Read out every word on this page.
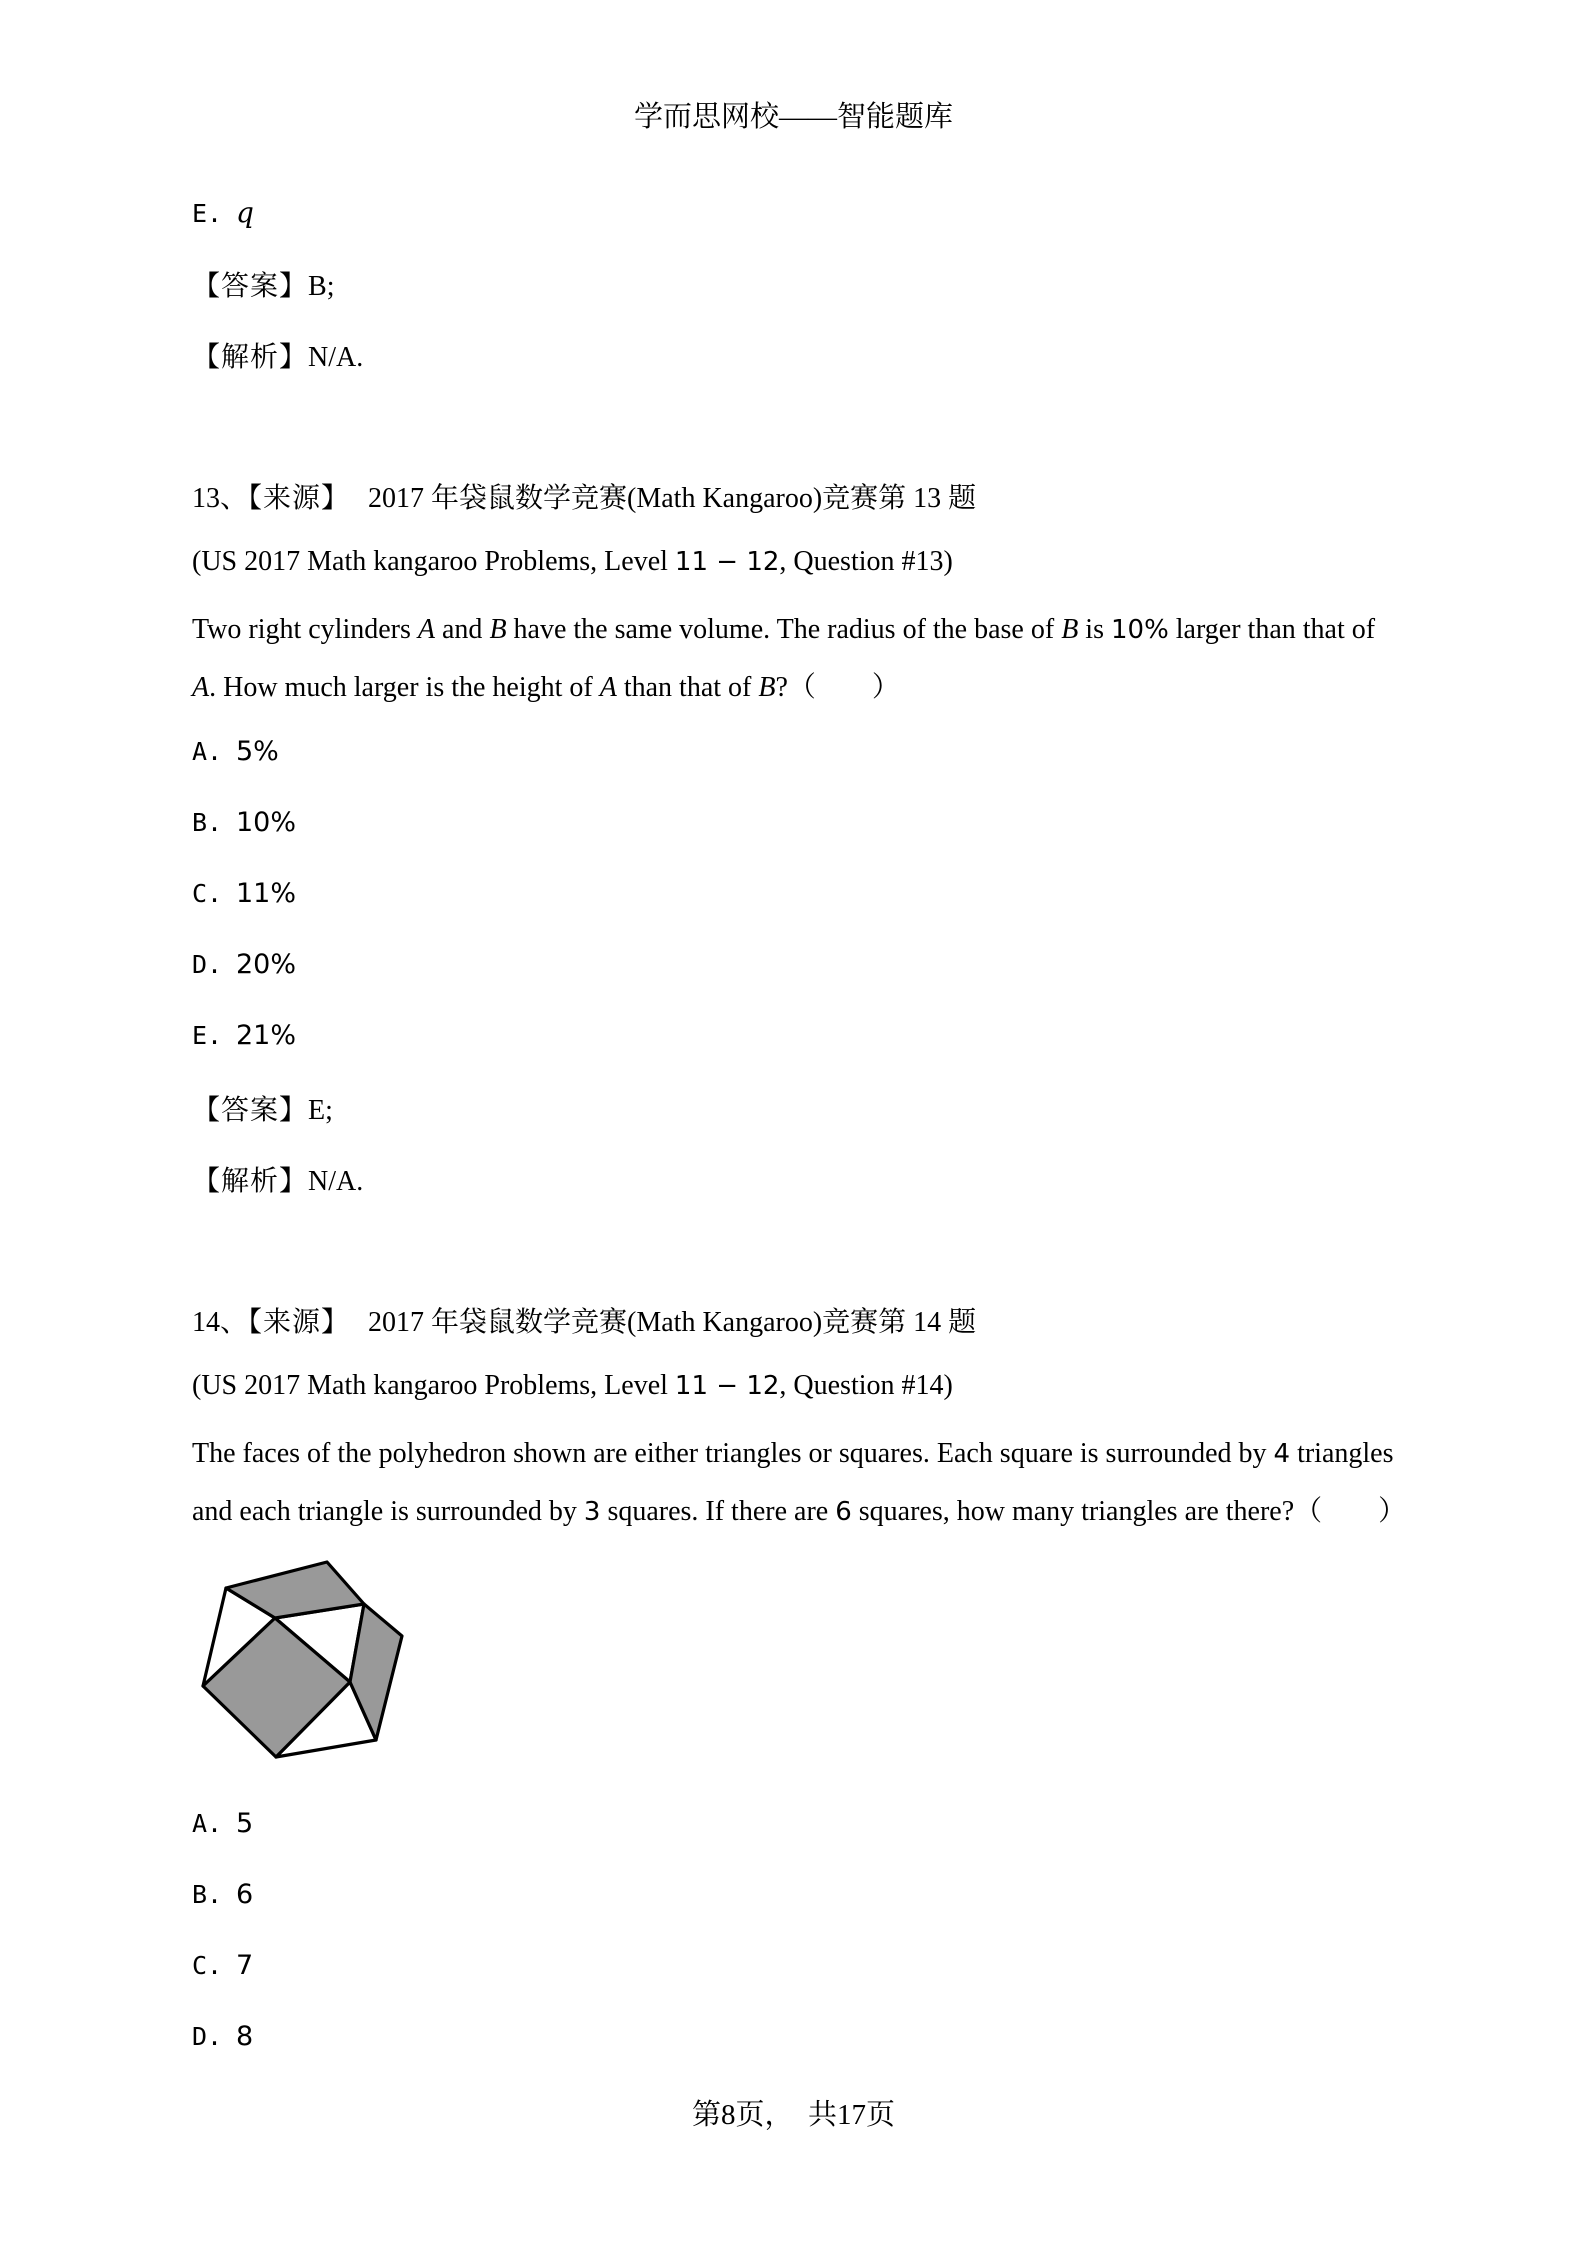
学而思网校——智能题库
E. q
【答案】B;
【解析】N/A.
13、【来源】 2017 年袋鼠数学竞赛(Math Kangaroo)竞赛第 13 题
(US 2017 Math kangaroo Problems, Level 11 − 12, Question #13)
Two right cylinders A and B have the same volume. The radius of the base of B is 10% larger than that of
A. How much larger is the height of A than that of B?（　　）
A. 5%
B. 10%
C. 11%
D. 20%
E. 21%
【答案】E;
【解析】N/A.
14、【来源】 2017 年袋鼠数学竞赛(Math Kangaroo)竞赛第 14 题
(US 2017 Math kangaroo Problems, Level 11 − 12, Question #14)
The faces of the polyhedron shown are either triangles or squares. Each square is surrounded by 4 triangles
and each triangle is surrounded by 3 squares. If there are 6 squares, how many triangles are there?（　　）
A. 5
B. 6
C. 7
D. 8
第8页，　共17页
